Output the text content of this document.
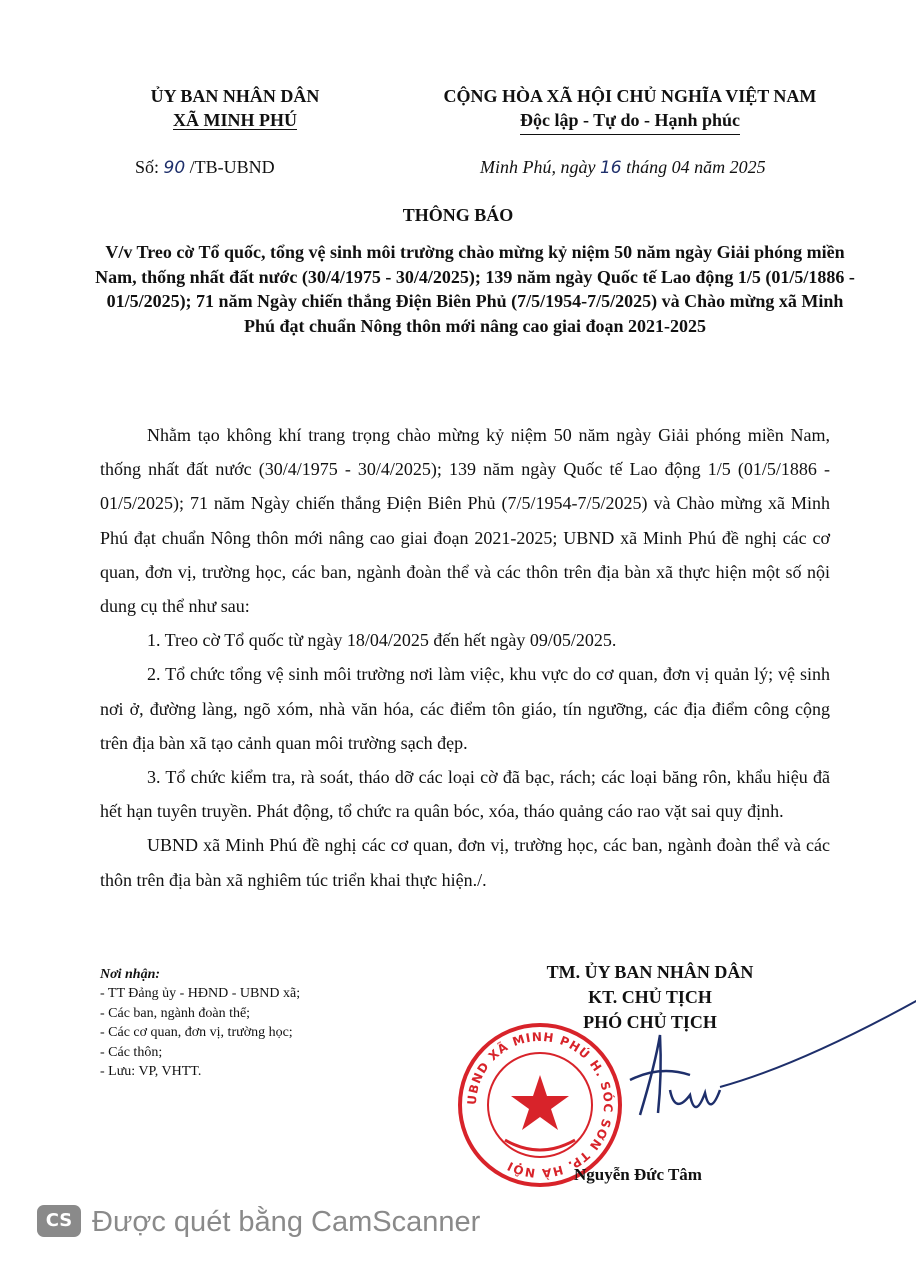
ỦY BAN NHÂN DÂN
XÃ MINH PHÚ
CỘNG HÒA XÃ HỘI CHỦ NGHĨA VIỆT NAM
Độc lập - Tự do - Hạnh phúc
Số: 90 /TB-UBND	Minh Phú, ngày 16 tháng 04 năm 2025
THÔNG BÁO
V/v Treo cờ Tổ quốc, tổng vệ sinh môi trường chào mừng kỷ niệm 50 năm ngày Giải phóng miền Nam, thống nhất đất nước (30/4/1975 - 30/4/2025); 139 năm ngày Quốc tế Lao động 1/5 (01/5/1886 - 01/5/2025); 71 năm Ngày chiến thắng Điện Biên Phủ (7/5/1954-7/5/2025) và Chào mừng xã Minh Phú đạt chuẩn Nông thôn mới nâng cao giai đoạn 2021-2025

Nhằm tạo không khí trang trọng chào mừng kỷ niệm 50 năm ngày Giải phóng miền Nam, thống nhất đất nước (30/4/1975 - 30/4/2025); 139 năm ngày Quốc tế Lao động 1/5 (01/5/1886 - 01/5/2025); 71 năm Ngày chiến thắng Điện Biên Phủ (7/5/1954-7/5/2025) và Chào mừng xã Minh Phú đạt chuẩn Nông thôn mới nâng cao giai đoạn 2021-2025; UBND xã Minh Phú đề nghị các cơ quan, đơn vị, trường học, các ban, ngành đoàn thể và các thôn trên địa bàn xã thực hiện một số nội dung cụ thể như sau:

1. Treo cờ Tổ quốc từ ngày 18/04/2025 đến hết ngày 09/05/2025.

2. Tổ chức tổng vệ sinh môi trường nơi làm việc, khu vực do cơ quan, đơn vị quản lý; vệ sinh nơi ở, đường làng, ngõ xóm, nhà văn hóa, các điểm tôn giáo, tín ngưỡng, các địa điểm công cộng trên địa bàn xã tạo cảnh quan môi trường sạch đẹp.

3. Tổ chức kiểm tra, rà soát, tháo dỡ các loại cờ đã bạc, rách; các loại băng rôn, khẩu hiệu đã hết hạn tuyên truyền. Phát động, tổ chức ra quân bóc, xóa, tháo quảng cáo rao vặt sai quy định.

UBND xã Minh Phú đề nghị các cơ quan, đơn vị, trường học, các ban, ngành đoàn thể và các thôn trên địa bàn xã nghiêm túc triển khai thực hiện./.

Nơi nhận:
- TT Đảng ủy - HĐND - UBND xã;
- Các ban, ngành đoàn thể;
- Các cơ quan, đơn vị, trường học;
- Các thôn;
- Lưu: VP, VHTT.
TM. ỦY BAN NHÂN DÂN
KT. CHỦ TỊCH
PHÓ CHỦ TỊCH
UBND XÃ MINH PHÚ H. SÓC SƠN TP. HÀ NỘI	Nguyễn Đức Tâm
CS Được quét bằng CamScanner
